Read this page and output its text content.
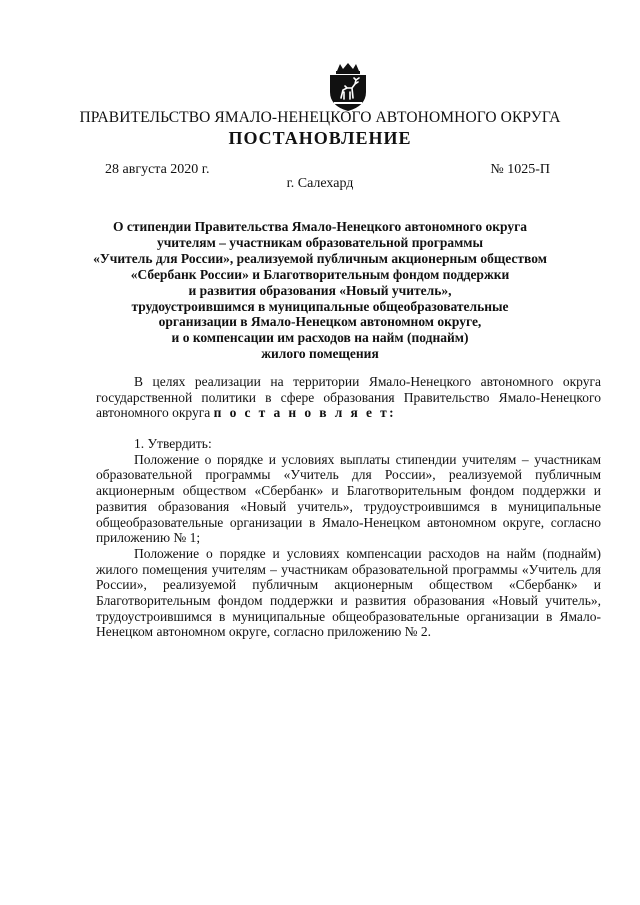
ПРАВИТЕЛЬСТВО ЯМАЛО-НЕНЕЦКОГО АВТОНОМНОГО ОКРУГА
ПОСТАНОВЛЕНИЕ
28 августа 2020 г.	№ 1025-П
г. Салехард
О стипендии Правительства Ямало-Ненецкого автономного округа
учителям – участникам образовательной программы
«Учитель для России», реализуемой публичным акционерным обществом
«Сбербанк России» и Благотворительным фондом поддержки
и развития образования «Новый учитель»,
трудоустроившимся в муниципальные общеобразовательные
организации в Ямало-Ненецком автономном округе,
и о компенсации им расходов на найм (поднайм)
жилого помещения

В целях реализации на территории Ямало-Ненецкого автономного округа государственной политики в сфере образования Правительство Ямало-Ненецкого автономного округа п о с т а н о в л я е т:

1. Утвердить:

Положение о порядке и условиях выплаты стипендии учителям – участникам образовательной программы «Учитель для России», реализуемой публичным акционерным обществом «Сбербанк» и Благотворительным фондом поддержки и развития образования «Новый учитель», трудоустроившимся в муниципальные общеобразовательные организации в Ямало-Ненецком автономном округе, согласно приложению № 1;

Положение о порядке и условиях компенсации расходов на найм (поднайм) жилого помещения учителям – участникам образовательной программы «Учитель для России», реализуемой публичным акционерным обществом «Сбербанк» и Благотворительным фондом поддержки и развития образования «Новый учитель», трудоустроившимся в муниципальные общеобразовательные организации в Ямало-Ненецком автономном округе, согласно приложению № 2.
